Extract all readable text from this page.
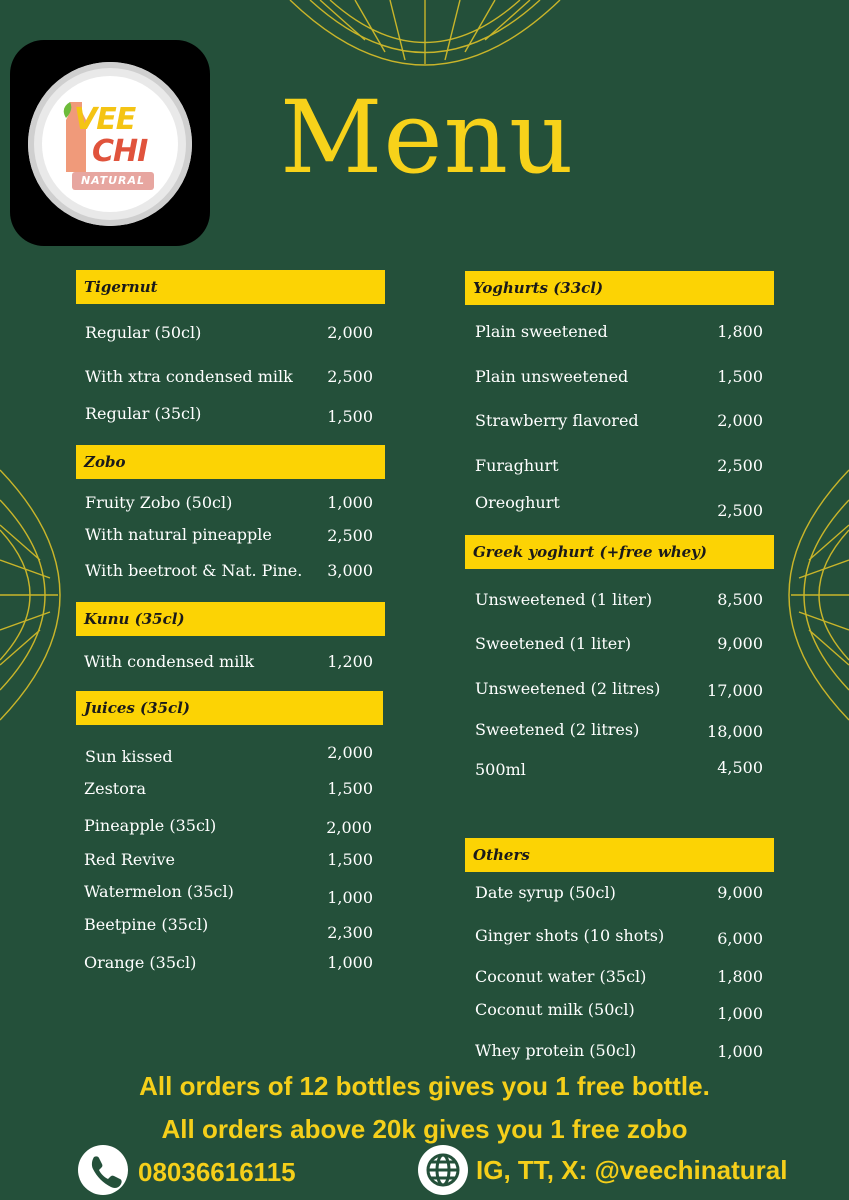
VEE
CHI
NATURAL Menu
Tigernut
Regular (50cl)	2,000
With xtra condensed milk	2,500
Regular (35cl)	1,500
Zobo
Fruity Zobo (50cl)	1,000
With natural pineapple	2,500
With beetroot & Nat. Pine.	3,000
Kunu (35cl)
With condensed milk	1,200
Juices (35cl)
Sun kissed	2,000
Zestora	1,500
Pineapple (35cl)	2,000
Red Revive	1,500
Watermelon (35cl)	1,000
Beetpine (35cl)	2,300
Orange (35cl)	1,000
Yoghurts (33cl)
Plain sweetened	1,800
Plain unsweetened	1,500
Strawberry flavored	2,000
Furaghurt	2,500
Oreoghurt	2,500
Greek yoghurt (+free whey)
Unsweetened (1 liter)	8,500
Sweetened (1 liter)	9,000
Unsweetened (2 litres)	17,000
Sweetened (2 litres)	18,000
500ml	4,500
Others
Date syrup (50cl)	9,000
Ginger shots (10 shots)	6,000
Coconut water (35cl)	1,800
Coconut milk (50cl)	1,000
Whey protein (50cl)	1,000
All orders of 12 bottles gives you 1 free bottle.
All orders above 20k gives you 1 free zobo
08036616115	IG, TT, X: @veechinatural
